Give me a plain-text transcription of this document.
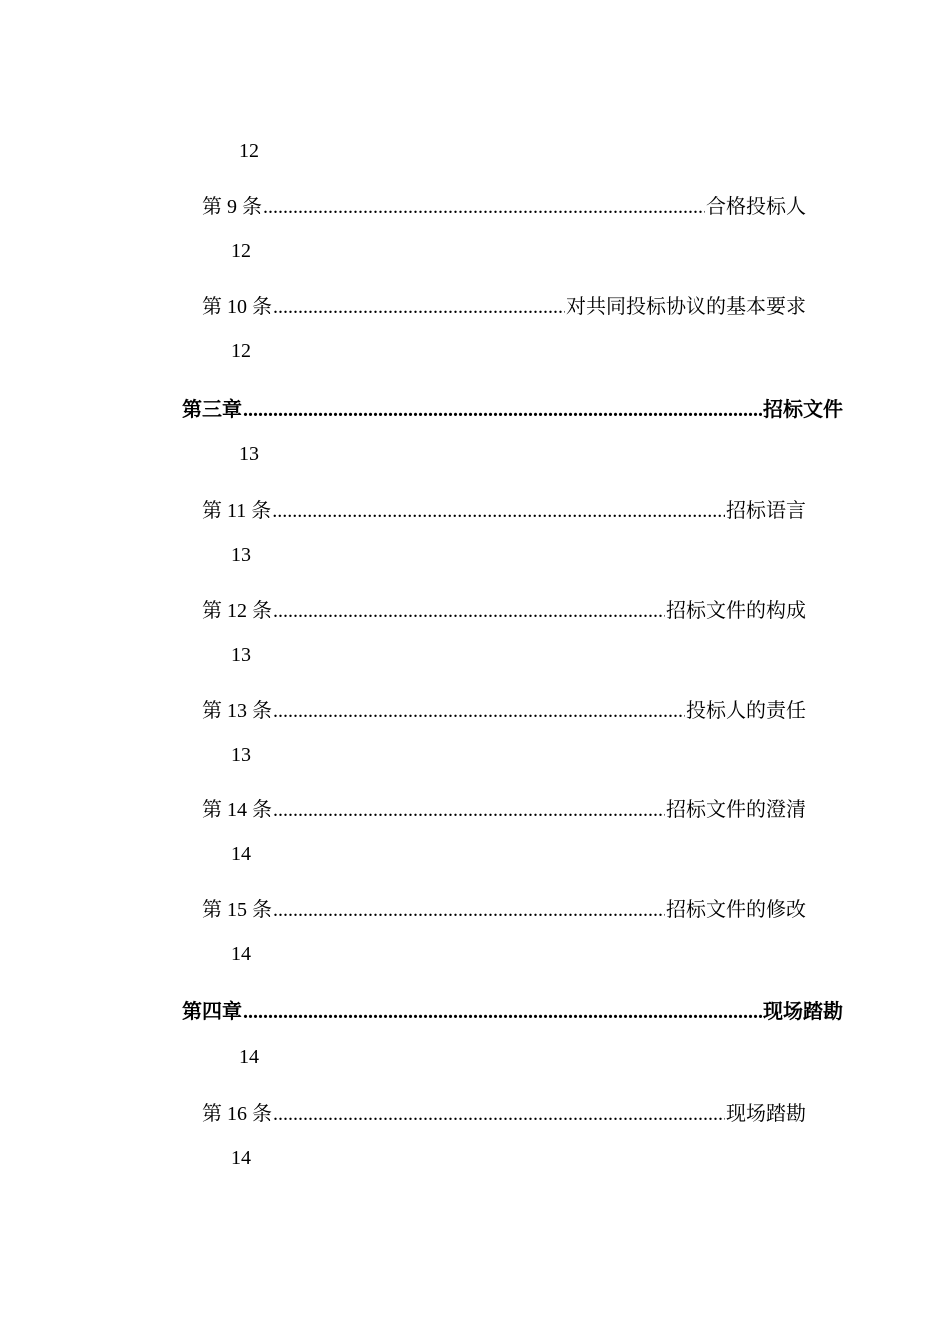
12
第 9 条 .....	合格投标人
12
第 10 条 .....	对共同投标协议的基本要求
12
第三章 .....	招标文件
13
第 11 条 .....	招标语言
13
第 12 条 .....	招标文件的构成
13
第 13 条 .....	投标人的责任
13
第 14 条 .....	招标文件的澄清
14
第 15 条 .....	招标文件的修改
14
第四章 .....	现场踏勘
14
第 16 条 .....	现场踏勘
14
